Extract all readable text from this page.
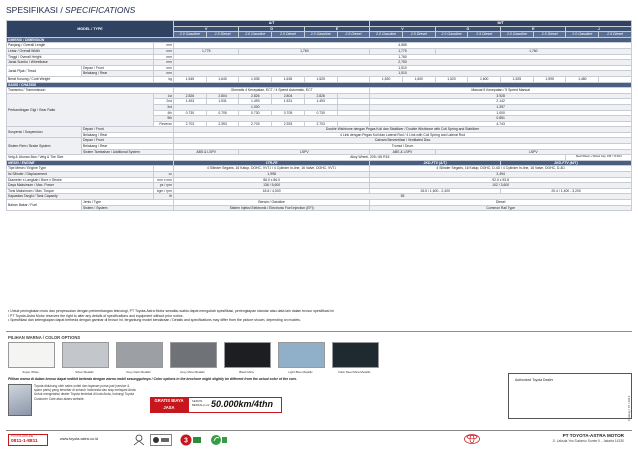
SPESIFIKASI / SPECIFICATIONS
MODEL / TYPE			A/T						M/T							
			V		G		E		V		G		E		J	
			2.0 Gasoline	2.5 Diesel	2.0 Gasoline	2.5 Diesel	2.0 Gasoline	2.5 Diesel	2.0 Gasoline	2.5 Diesel	2.0 Gasoline	2.5 Diesel	2.0 Gasoline	2.5 Diesel	2.0 Gasoline	2.5 Diesel
DIMENSI / DIMENSION																
Panjang / Overall Length		mm	4,585													
Lebar / Overall Width		mm	1,775		1,760				1,775		1,760					
Tinggi / Overall Height		mm	1,760													
Jarak Sumbu / Wheelbase		mm	2,750													
Jarak Pijak / Tread	Depan / Front	mm	1,510													
	Belakang / Rear	mm	1,510													
Berat Kosong / Curb Weight		kg	1,545	1,640	1,535	1,635	1,525		1,530	1,600	1,520	1,600	1,525	1,595	1,480	
SASIS / CHASSIS																
Transmisi / Transmission			Otomatis 4 Kecepatan, ECT / 4 Speed Automatic, ECT						Manual 5 Kecepatan / 5 Speed Manual							
Perbandingan Gigi / Gear Ratio		1st	2.826	2.804	2.826	2.804	2.826		3.928							
		2nd	1.493	1.531	1.493	1.531	1.493		2.142							
		3rd	1.000						1.397							
		4th	0.730	0.705	0.730	0.705	0.730		1.000							
		5th							0.851							
		Reverse	2.703	2.393	2.703	2.393	2.703		4.743							
Suspensi / Suspension	Depan / Front		Double Wishbone dengan Pegas Koil dan Stabilizer / Double Wishbone with Coil Spring and Stabilizer													
	Belakang / Rear		4 Link dengan Pegas Koil dan Lateral Rod / 4 Link with Coil Spring and Lateral Rod													
Sistem Rem / Brake System	Depan / Front		Cakram Berventilasi / Ventilated Disc													
	Belakang / Rear		Tromol / Drum													
	Sistem Tambahan / Additional System		ABS & LSPV		LSPV				ABS & LSPV		LSPV					
Velg & Ukuran Ban / Velg & Tire Size			Alloy Wheel, 205 / 65 R15												Steel Wheel + Wheel Cap, 195 / 70 R14	
MESIN / ENGINE			1TR-FE						2KD-FTV (A/T)				2KD-FTV (M/T)			
Tipe Mesin / Engine Type			4 Silinder Segaris, 16 Katup, DOHC, VVT-i / 4 Cylinder In-line, 16 Valve, DOHC, VVT-i						4 Silinder Segaris, 16 Katup, DOHC, D-4D / 4 Cylinder In-line, 16 Valve, DOHC, D-4D							
Isi Silinder / Displacement		cc	1,998						2,494							
Diameter x Langkah / Bore x Stroke		mm x mm	86.0 x 86.0						92.0 x 93.8							
Daya Maksimum / Max. Power		ps / rpm	136 / 5,600						102 / 3,600							
Torsi Maksimum / Max. Torque		kgm / rpm	18.6 / 4,000						26.5 / 1,600 - 2,400				20.4 / 1,400 - 3,200			
Kapasitas Tangki / Tank Capacity		ltr	55													
Bahan Bakar / Fuel	Jenis / Type		Bensin / Gasoline						Diesel							
	Sistem / System		Sistem Injeksi Elektronik / Electronic Fuel Injection (EFI)						Common Rail Type							

• Untuk peningkatan mutu dan penyesuaian dengan perkembangan teknologi, PT Toyota-Astra Motor sewaktu-waktu dapat mengubah spesifikasi, perlengkapan standar atau data lain dalam brosur spesifikasi ini

/ PT Toyota-Astra Motor reserves the right to alter any details of specifications and equipment without prior notice.

• Spesifikasi dan kelengkapan dapat berbeda dengan gambar di brosur ini, tergantung model kendaraan / Details and specifications may differ from the picture shown, depending on models.

PILIHAN WARNA / COLOR OPTIONS
Super White	Silver Metallic	Grey Dark Metallic	Grey Mica Metallic	Black Mica	Light Blue Metallic	Dark Steel Mica Metallic
Pilihan warna di dalam brosur dapat sedikit berbeda dengan warna mobil sesungguhnya / Color options in the brochure might slightly be different from the actual color of the cars.
Toyota didukung oleh sales outlet dan layanan purna jual (service & spare parts) yang tersebar di seluruh Indonesia dan siap melayani Anda. Untuk mengetahui dealer Toyota terdekat di kota Anda, hubungi Toyota Customer Care atau akses website.	GRATIS BIAYA JASA
SERVIS BERKALA s/d 50.000km/4thn
Authorized Toyota Dealer
Catalog / 07 / 2013
TOYOTA HOTLINE
0811-1-8811	www.toyota.astra.co.id	3
PT TOYOTA-ASTRA MOTOR
Jl. Laksda Yos Sudarso Sunter II - Jakarta 14330
